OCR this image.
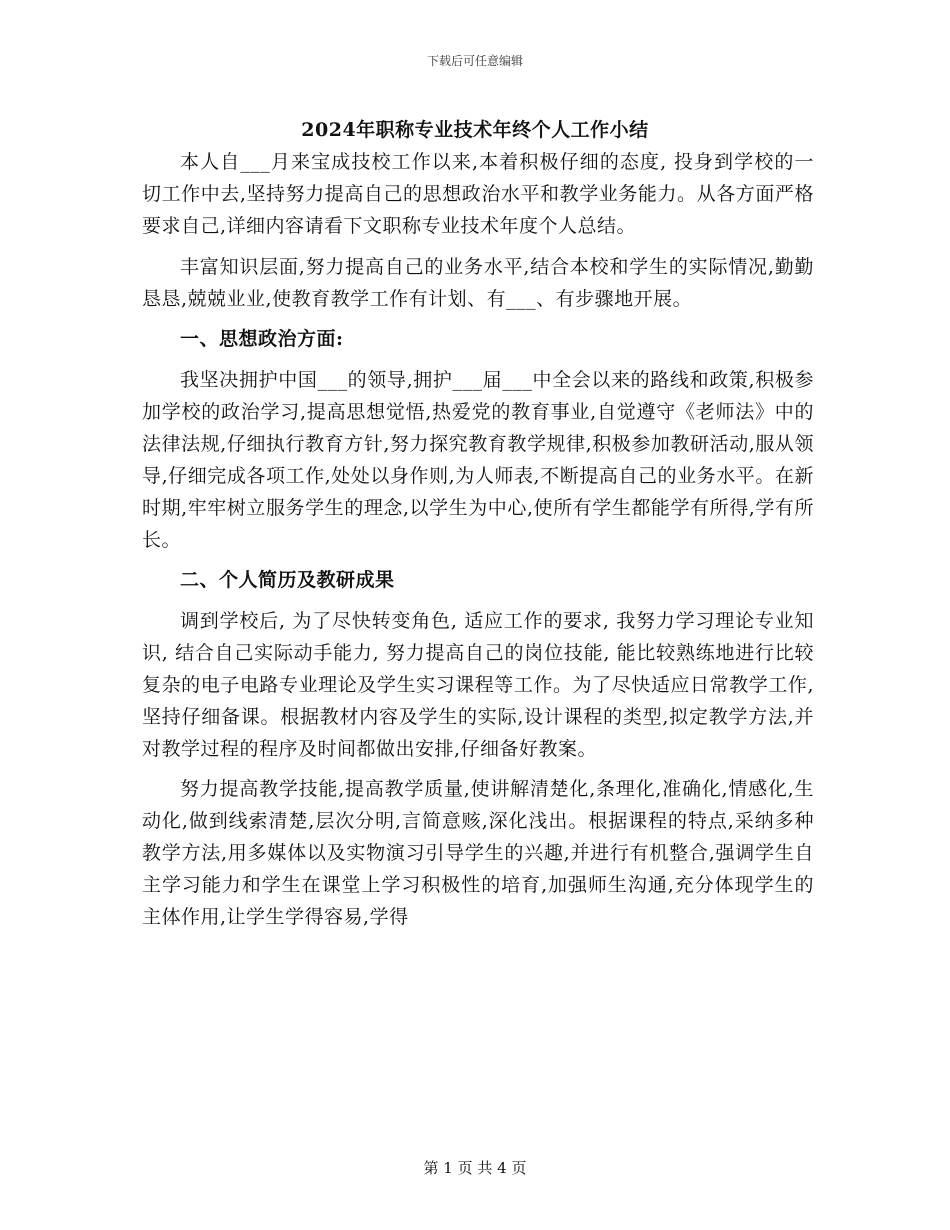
下载后可任意编辑
2024年职称专业技术年终个人工作小结

本人自___月来宝成技校工作以来,本着积极仔细的态度, 投身到学校的一切工作中去,坚持努力提高自己的思想政治水平和教学业务能力。从各方面严格要求自己,详细内容请看下文职称专业技术年度个人总结。

丰富知识层面,努力提高自己的业务水平,结合本校和学生的实际情况,勤勤恳恳,兢兢业业,使教育教学工作有计划、有___、有步骤地开展。

一、思想政治方面:

我坚决拥护中国___的领导,拥护___届___中全会以来的路线和政策,积极参加学校的政治学习,提高思想觉悟,热爱党的教育事业,自觉遵守《老师法》中的法律法规,仔细执行教育方针,努力探究教育教学规律,积极参加教研活动,服从领导,仔细完成各项工作,处处以身作则,为人师表,不断提高自己的业务水平。在新时期,牢牢树立服务学生的理念,以学生为中心,使所有学生都能学有所得,学有所长。

二、个人简历及教研成果

调到学校后, 为了尽快转变角色, 适应工作的要求, 我努力学习理论专业知识, 结合自己实际动手能力, 努力提高自己的岗位技能, 能比较熟练地进行比较复杂的电子电路专业理论及学生实习课程等工作。为了尽快适应日常教学工作, 坚持仔细备课。根据教材内容及学生的实际,设计课程的类型,拟定教学方法,并对教学过程的程序及时间都做出安排,仔细备好教案。

努力提高教学技能,提高教学质量,使讲解清楚化,条理化,准确化,情感化,生动化,做到线索清楚,层次分明,言简意赅,深化浅出。根据课程的特点,采纳多种教学方法,用多媒体以及实物演习引导学生的兴趣,并进行有机整合,强调学生自主学习能力和学生在课堂上学习积极性的培育,加强师生沟通,充分体现学生的主体作用,让学生学得容易,学得

第 1 页 共 4 页
